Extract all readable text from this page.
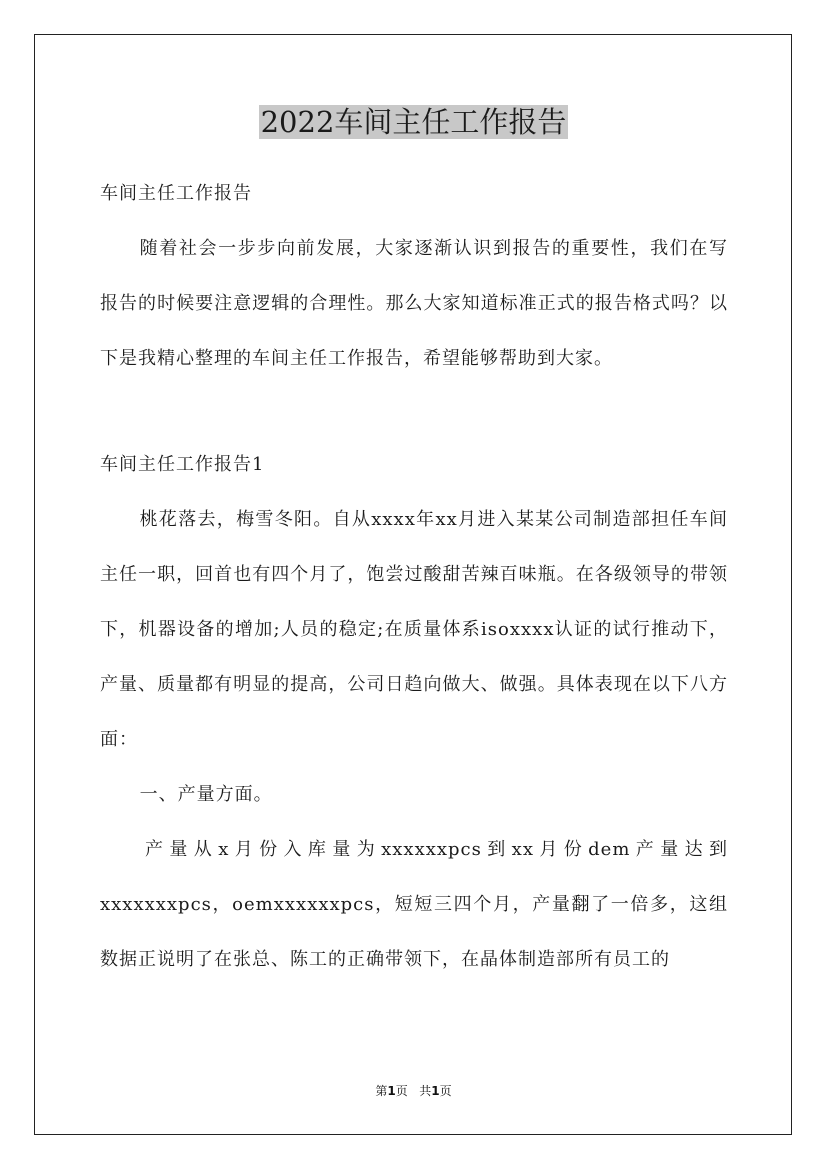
2022车间主任工作报告

车间主任工作报告

随着社会一步步向前发展，大家逐渐认识到报告的重要性，我们在写报告的时候要注意逻辑的合理性。那么大家知道标准正式的报告格式吗？以下是我精心整理的车间主任工作报告，希望能够帮助到大家。

车间主任工作报告1

桃花落去，梅雪冬阳。自从xxxx年xx月进入某某公司制造部担任车间主任一职，回首也有四个月了，饱尝过酸甜苦辣百味瓶。在各级领导的带领下，机器设备的增加;人员的稳定;在质量体系isoxxxx认证的试行推动下，产量、质量都有明显的提高，公司日趋向做大、做强。具体表现在以下八方面：

一、产量方面。

产量从x月份入库量为xxxxxxpcs到xx月份dem产量达到xxxxxxxpcs，oemxxxxxxpcs，短短三四个月，产量翻了一倍多，这组数据正说明了在张总、陈工的正确带领下，在晶体制造部所有员工的

第1页 共1页
